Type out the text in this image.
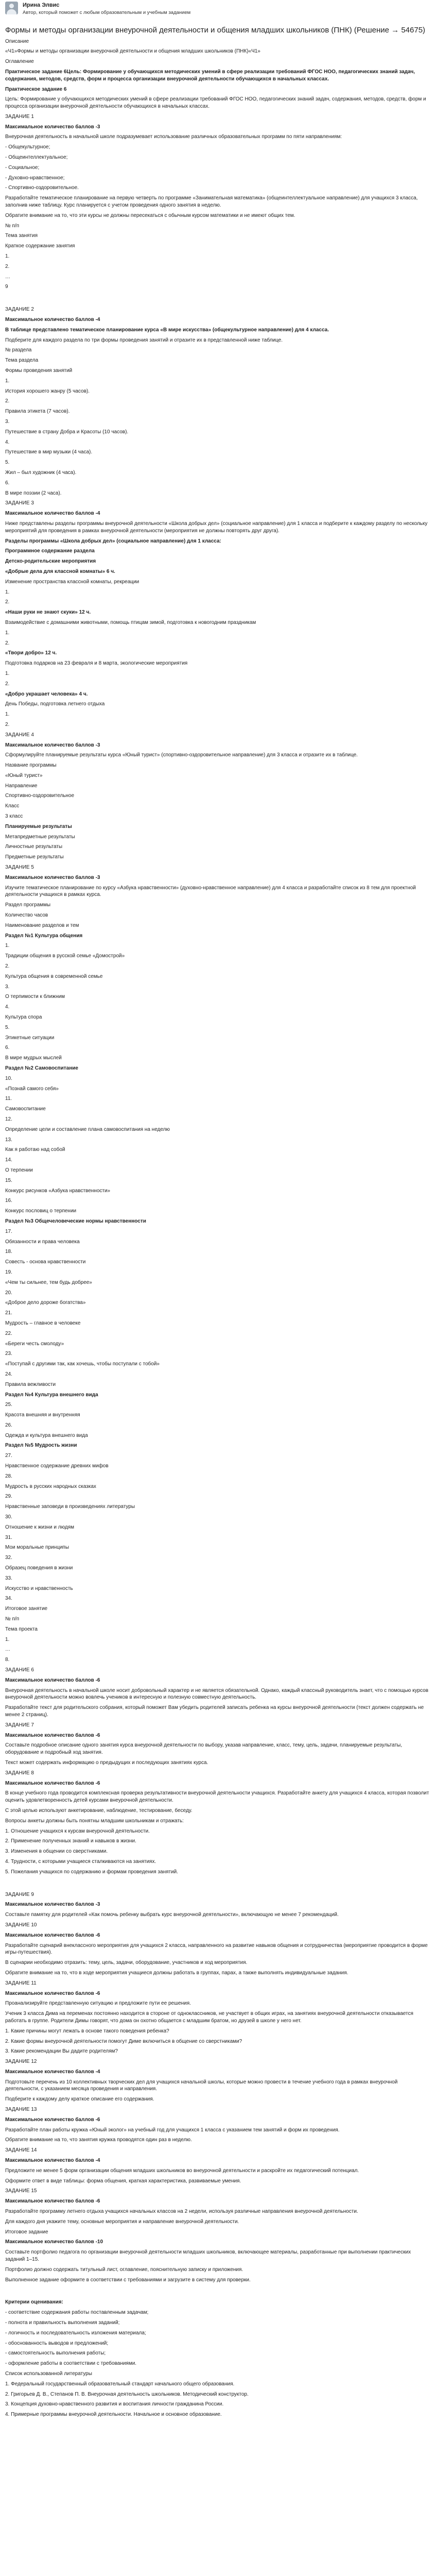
Ирина Элвис
Автор, который поможет с любым образовательным и учебным заданием
Формы и методы организации внеурочной деятельности и общения младших школьников (ПНК) (Решение → 54675)

Описание

«Ч1»Формы и методы организации внеурочной деятельности и общения младших школьников (ПНК)«Ч1»

Оглавление

Практическое задание 6Цель: Формирование у обучающихся методических умений в сфере реализации требований ФГОС НОО, педагогических знаний задач, содержания, методов, средств, форм и процесса организации внеурочной деятельности обучающихся в начальных классах.

Практическое задание 6

Цель: Формирование у обучающихся методических умений в сфере реализации требований ФГОС НОО, педагогических знаний задач, содержания, методов, средств, форм и процесса организации внеурочной деятельности обучающихся в начальных классах.

ЗАДАНИЕ 1

Максимальное количество баллов -3

Внеурочная деятельность в начальной школе подразумевает использование различных образовательных программ по пяти направлениям:

- Общекультурное;

- Общеинтеллектуальное;

- Социальное;

- Духовно-нравственное;

- Спортивно-оздоровительное.

Разработайте тематическое планирование на первую четверть по программе «Занимательная математика» (общеинтеллектуальное направление) для учащихся 3 класса, заполнив ниже таблицу. Курс планируется с учетом проведения одного занятия в неделю.

Обратите внимание на то, что эти курсы не должны пересекаться с обычным курсом математики и не имеют общих тем.

№ п/п

Тема занятия

Краткое содержание занятия

1.

2.

…

9

ЗАДАНИЕ 2

Максимальное количество баллов -4

В таблице представлено тематическое планирование курса «В мире искусства» (общекультурное направление) для 4 класса.

Подберите для каждого раздела по три формы проведения занятий и отразите их в представленной ниже таблице.

№ раздела

Тема раздела

Формы проведения занятий

1.

История хорошего жанру (5 часов).

2.

Правила этикета (7 часов).

3.

Путешествие в страну Добра и Красоты (10 часов).

4.

Путешествие в мир музыки (4 часа).

5.

Жил – был художник (4 часа).

6.

В мире поэзии (2 часа).

ЗАДАНИЕ 3

Максимальное количество баллов -4

Ниже представлены разделы программы внеурочной деятельности «Школа добрых дел» (социальное направление) для 1 класса и подберите к каждому разделу по нескольку мероприятий для проведения в рамках внеурочной деятельности (мероприятия не должны повторять друг друга).

Разделы программы «Школа добрых дел» (социальное направление) для 1 класса:

Программное содержание раздела

Детско-родительские мероприятия

«Добрые дела для классной комнаты» 6 ч.

Изменение пространства классной комнаты, рекреации

1.

2.

«Наши руки не знают скуки» 12 ч.

Взаимодействие с домашними животными, помощь птицам зимой, подготовка к новогодним праздникам

1.

2.

«Твори добро» 12 ч.

Подготовка подарков на 23 февраля и 8 марта, экологические мероприятия

1.

2.

«Добро украшает человека» 4 ч.

День Победы, подготовка летнего отдыха

1.

2.

ЗАДАНИЕ 4

Максимальное количество баллов -3

Сформулируйте планируемые результаты курса «Юный турист» (спортивно-оздоровительное направление) для 3 класса и отразите их в таблице.

Название программы

«Юный турист»

Направление

Спортивно-оздоровительное

Класс

3 класс

Планируемые результаты

Метапредметные результаты

Личностные результаты

Предметные результаты

ЗАДАНИЕ 5

Максимальное количество баллов -3

Изучите тематическое планирование по курсу «Азбука нравственности» (духовно-нравственное направление) для 4 класса и разработайте список из 8 тем для проектной деятельности учащихся в рамках курса.

Раздел программы

Количество часов

Наименование разделов и тем

Раздел №1 Культура общения

1.

Традиции общения в русской семье «Домострой»

2.

Культура общения в современной семье

3.

О терпимости к ближним

4.

Культура спора

5.

Этикетные ситуации

6.

В мире мудрых мыслей

Раздел №2 Самовоспитание

10.

«Познай самого себя»

11.

Самовоспитание

12.

Определение цели и составление плана самовоспитания на неделю

13.

Как я работаю над собой

14.

О терпении

15.

Конкурс рисунков «Азбука нравственности»

16.

Конкурс пословиц о терпении

Раздел №3 Общечеловеческие нормы нравственности

17.

Обязанности и права человека

18.

Совесть - основа нравственности

19.

«Чем ты сильнее, тем будь добрее»

20.

«Доброе дело дороже богатства»

21.

Мудрость – главное в человеке

22.

«Береги честь смолоду»

23.

«Поступай с другими так, как хочешь, чтобы поступали с тобой»

24.

Правила вежливости

Раздел №4 Культура внешнего вида

25.

Красота внешняя и внутренняя

26.

Одежда и культура внешнего вида

Раздел №5 Мудрость жизни

27.

Нравственное содержание древних мифов

28.

Мудрость в русских народных сказках

29.

Нравственные заповеди в произведениях литературы

30.

Отношение к жизни и людям

31.

Мои моральные принципы

32.

Образец поведения в жизни

33.

Искусство и нравственность

34.

Итоговое занятие

№ п/п

Тема проекта

1.

…

8.

ЗАДАНИЕ 6

Максимальное количество баллов -6

Внеурочная деятельность в начальной школе носит добровольный характер и не является обязательной. Однако, каждый классный руководитель знает, что с помощью курсов внеурочной деятельности можно вовлечь учеников в интересную и полезную совместную деятельность.

Разработайте текст для родительского собрания, который поможет Вам убедить родителей записать ребенка на курсы внеурочной деятельности (текст должен содержать не менее 2 страниц).

ЗАДАНИЕ 7

Максимальное количество баллов -6

Составьте подробное описание одного занятия курса внеурочной деятельности по выбору, указав направление, класс, тему, цель, задачи, планируемые результаты, оборудование и подробный ход занятия.

Текст может содержать информацию о предыдущих и последующих занятиях курса.

ЗАДАНИЕ 8

Максимальное количество баллов -6

В конце учебного года проводится комплексная проверка результативности внеурочной деятельности учащихся. Разработайте анкету для учащихся 4 класса, которая позволит оценить удовлетворенность детей курсами внеурочной деятельности.

С этой целью используют анкетирование, наблюдение, тестирование, беседу.

Вопросы анкеты должны быть понятны младшим школьникам и отражать:

1. Отношение учащихся к курсам внеурочной деятельности.

2. Применение полученных знаний и навыков в жизни.

3. Изменения в общении со сверстниками.

4. Трудности, с которыми учащиеся сталкиваются на занятиях.

5. Пожелания учащихся по содержанию и формам проведения занятий.

ЗАДАНИЕ 9

Максимальное количество баллов -3

Составьте памятку для родителей «Как помочь ребенку выбрать курс внеурочной деятельности», включающую не менее 7 рекомендаций.

ЗАДАНИЕ 10

Максимальное количество баллов -6

Разработайте сценарий внеклассного мероприятия для учащихся 2 класса, направленного на развитие навыков общения и сотрудничества (мероприятие проводится в форме игры-путешествия).

В сценарии необходимо отразить: тему, цель, задачи, оборудование, участников и ход мероприятия.

Обратите внимание на то, что в ходе мероприятия учащиеся должны работать в группах, парах, а также выполнять индивидуальные задания.

ЗАДАНИЕ 11

Максимальное количество баллов -6

Проанализируйте представленную ситуацию и предложите пути ее решения.

Ученик 3 класса Дима на переменах постоянно находится в стороне от одноклассников, не участвует в общих играх, на занятиях внеурочной деятельности отказывается работать в группе. Родители Димы говорят, что дома он охотно общается с младшим братом, но друзей в школе у него нет.

1. Какие причины могут лежать в основе такого поведения ребенка?

2. Какие формы внеурочной деятельности помогут Диме включиться в общение со сверстниками?

3. Какие рекомендации Вы дадите родителям?

ЗАДАНИЕ 12

Максимальное количество баллов -4

Подготовьте перечень из 10 коллективных творческих дел для учащихся начальной школы, которые можно провести в течение учебного года в рамках внеурочной деятельности, с указанием месяца проведения и направления.

Подберите к каждому делу краткое описание его содержания.

ЗАДАНИЕ 13

Максимальное количество баллов -6

Разработайте план работы кружка «Юный эколог» на учебный год для учащихся 1 класса с указанием тем занятий и форм их проведения.

Обратите внимание на то, что занятия кружка проводятся один раз в неделю.

ЗАДАНИЕ 14

Максимальное количество баллов -4

Предложите не менее 5 форм организации общения младших школьников во внеурочной деятельности и раскройте их педагогический потенциал.

Оформите ответ в виде таблицы: форма общения, краткая характеристика, развиваемые умения.

ЗАДАНИЕ 15

Максимальное количество баллов -6

Разработайте программу летнего отдыха учащихся начальных классов на 2 недели, используя различные направления внеурочной деятельности.

Для каждого дня укажите тему, основные мероприятия и направление внеурочной деятельности.

Итоговое задание

Максимальное количество баллов -10

Составьте портфолио педагога по организации внеурочной деятельности младших школьников, включающее материалы, разработанные при выполнении практических заданий 1–15.

Портфолио должно содержать титульный лист, оглавление, пояснительную записку и приложения.

Выполненное задание оформите в соответствии с требованиями и загрузите в систему для проверки.

Критерии оценивания:

- соответствие содержания работы поставленным задачам;

- полнота и правильность выполнения заданий;

- логичность и последовательность изложения материала;

- обоснованность выводов и предложений;

- самостоятельность выполнения работы;

- оформление работы в соответствии с требованиями.

Список использованной литературы

1. Федеральный государственный образовательный стандарт начального общего образования.

2. Григорьев Д. В., Степанов П. В. Внеурочная деятельность школьников. Методический конструктор.

3. Концепция духовно-нравственного развития и воспитания личности гражданина России.

4. Примерные программы внеурочной деятельности. Начальное и основное образование.
